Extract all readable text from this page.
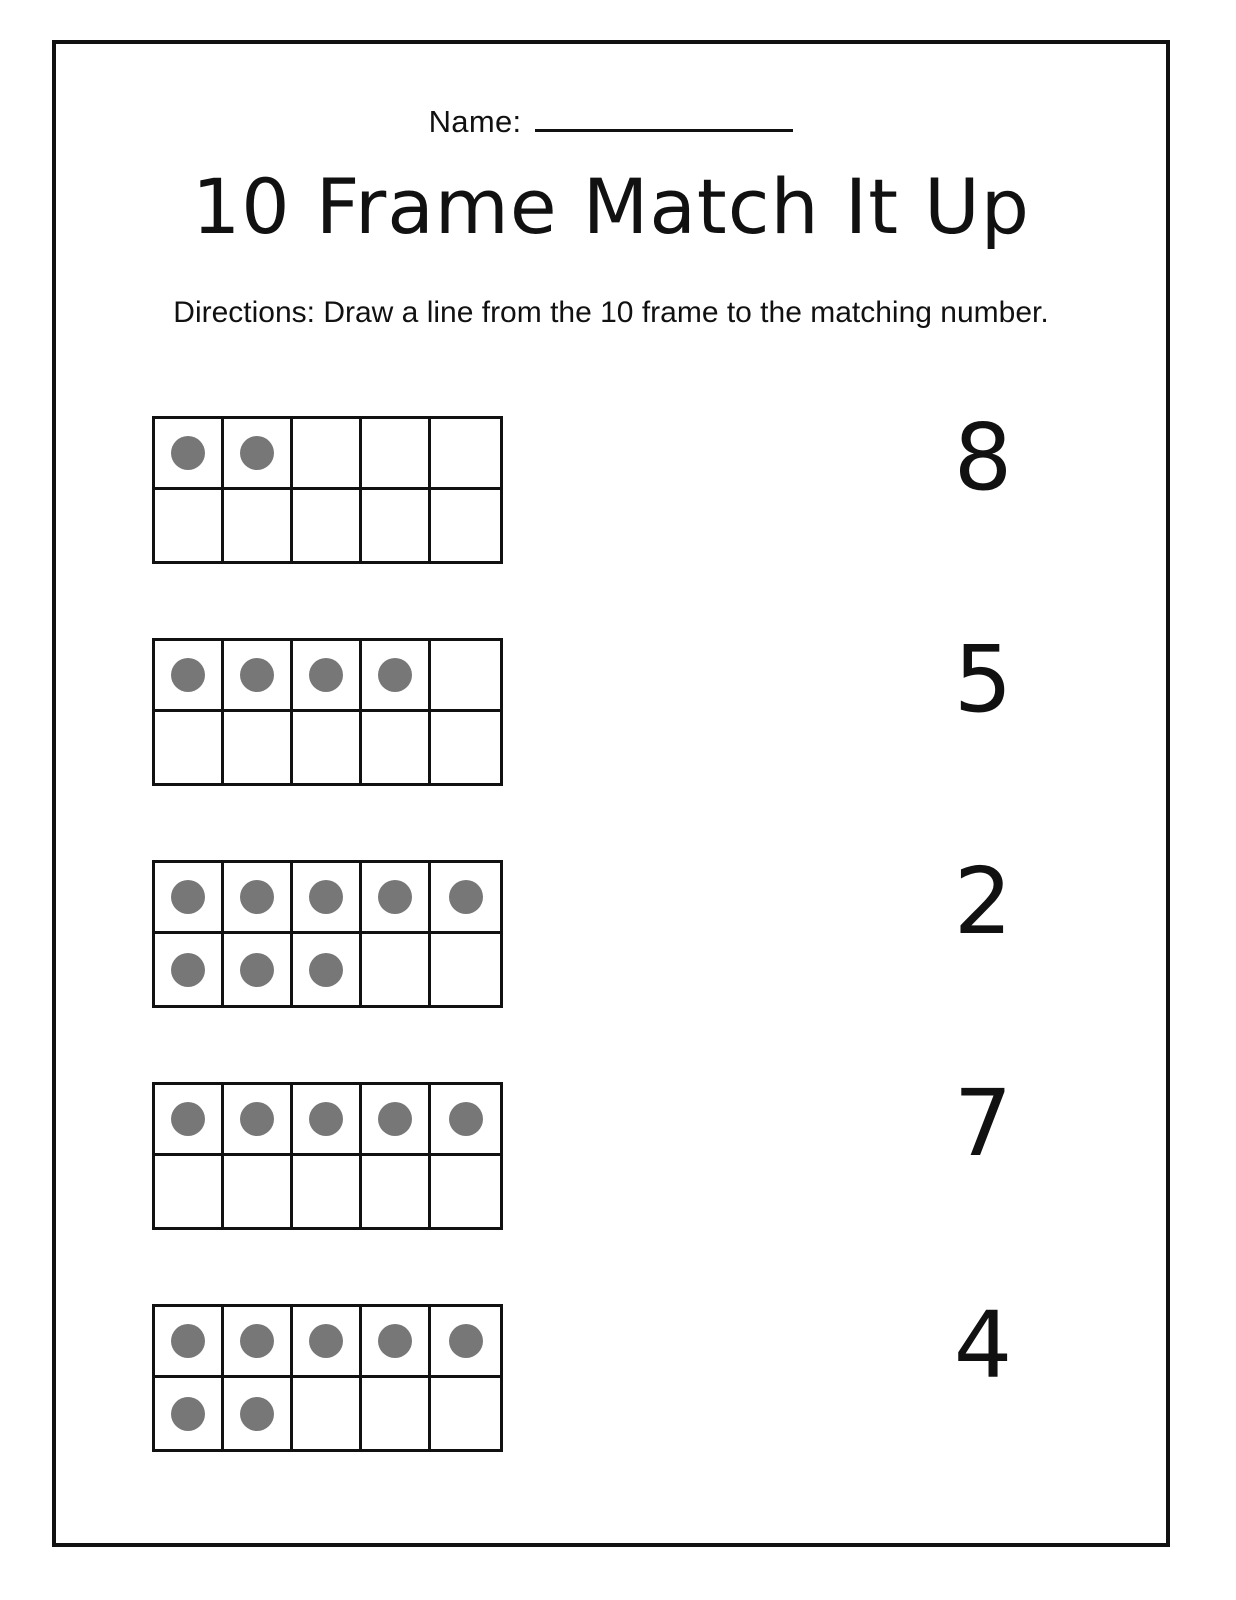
Name:
10 Frame Match It Up
Directions: Draw a line from the 10 frame to the matching number.
8
5
2
7
4
